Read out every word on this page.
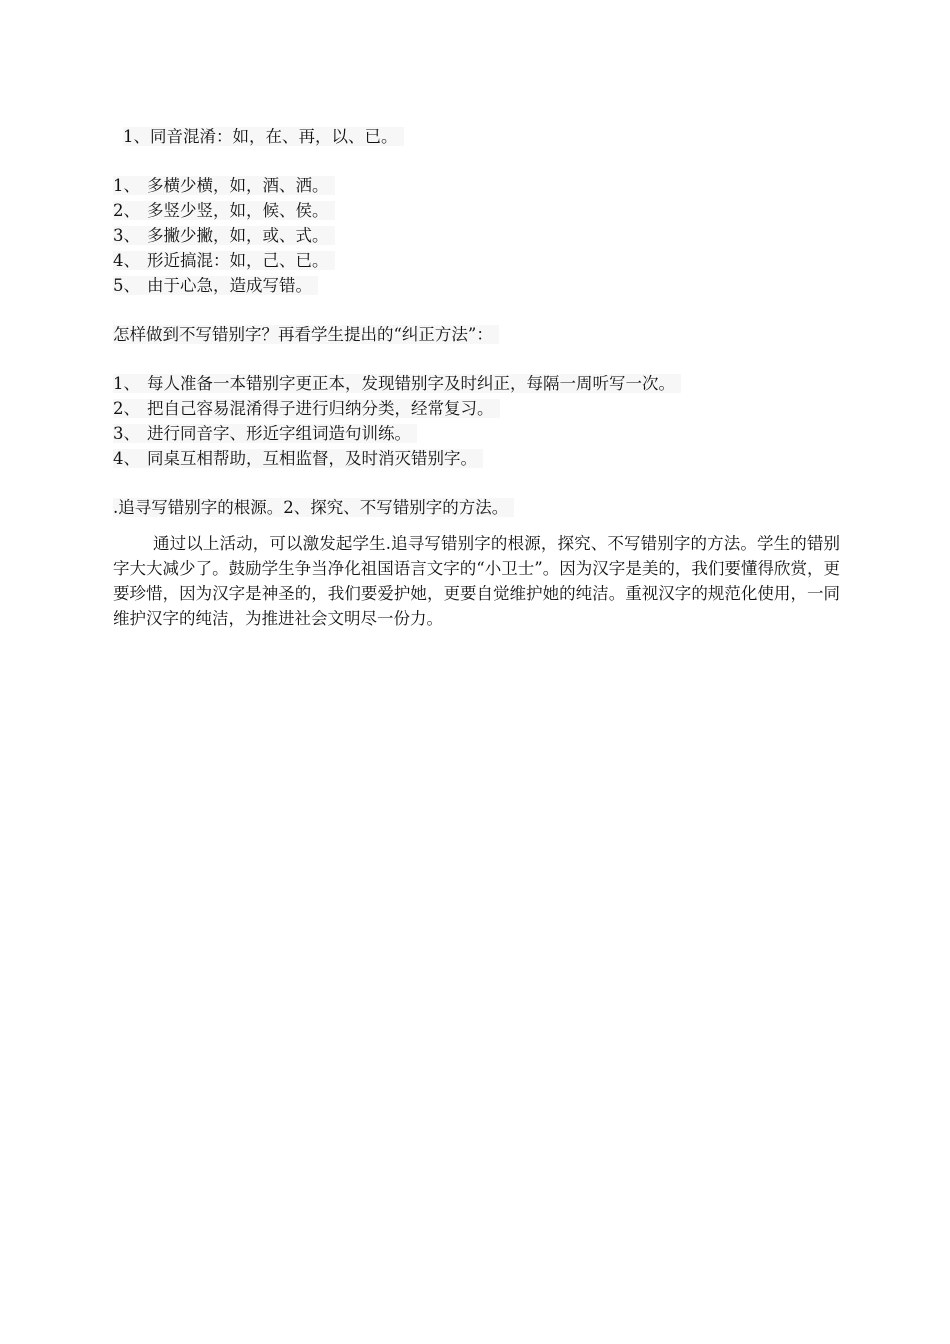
1、同音混淆：如，在、再，以、已。
1、 多横少横，如，酒、洒。
2、 多竖少竖，如，候、侯。
3、 多撇少撇，如，或、式。
4、 形近搞混：如，己、已。
5、 由于心急，造成写错。
怎样做到不写错别字？再看学生提出的“纠正方法”：
1、 每人准备一本错别字更正本，发现错别字及时纠正，每隔一周听写一次。
2、 把自己容易混淆得子进行归纳分类，经常复习。
3、 进行同音字、形近字组词造句训练。
4、 同桌互相帮助，互相监督，及时消灭错别字。
.追寻写错别字的根源。2、探究、不写错别字的方法。
通过以上活动，可以激发起学生.追寻写错别字的根源，探究、不写错别字的方法。学生的错别字大大减少了。鼓励学生争当净化祖国语言文字的“小卫士”。因为汉字是美的，我们要懂得欣赏，更要珍惜，因为汉字是神圣的，我们要爱护她，更要自觉维护她的纯洁。重视汉字的规范化使用，一同维护汉字的纯洁，为推进社会文明尽一份力。
